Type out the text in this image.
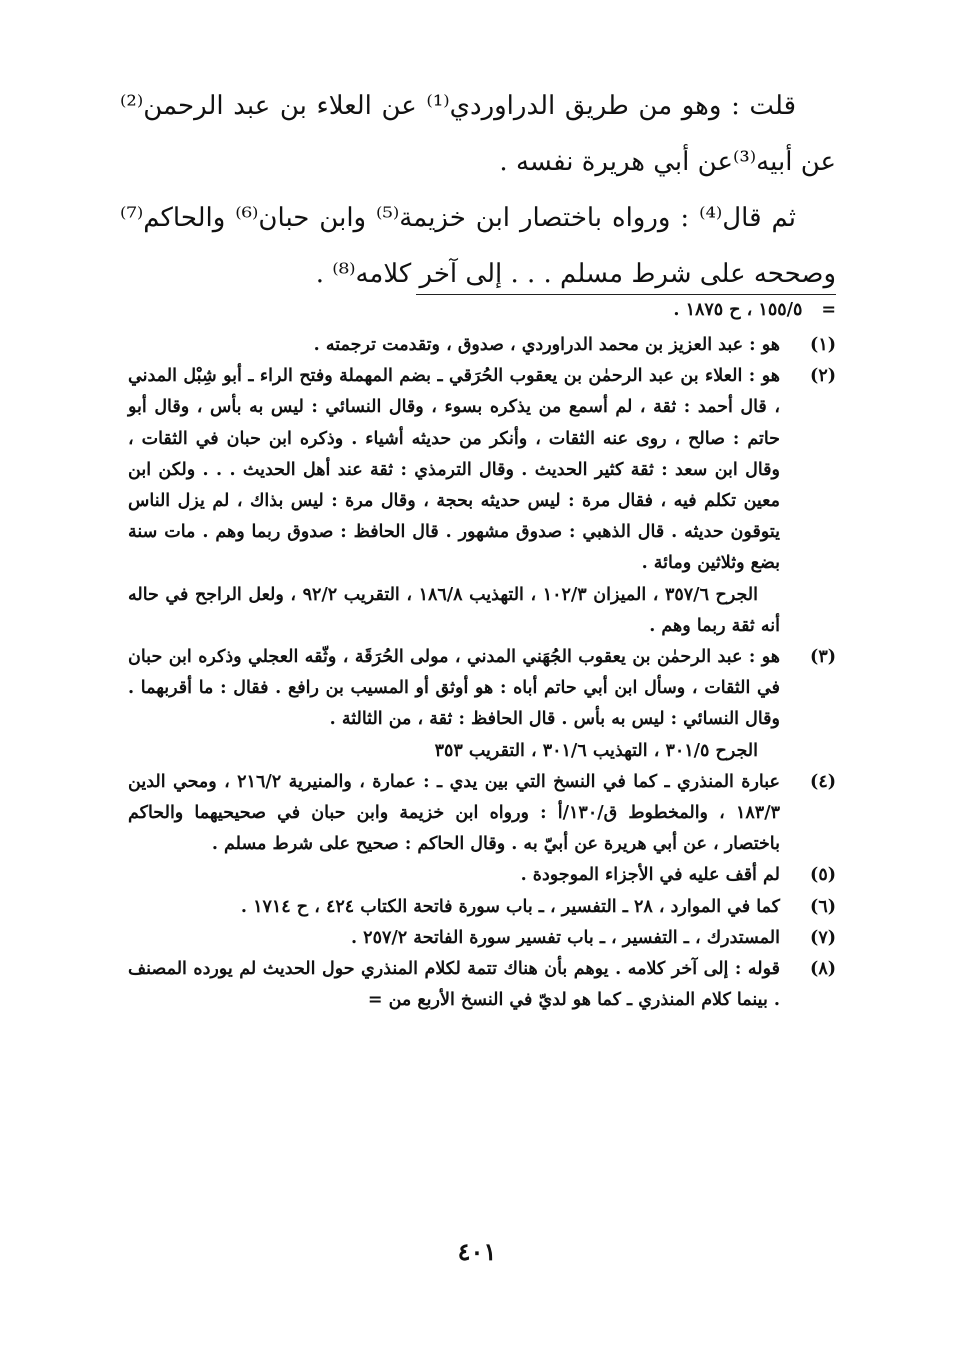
قلت : وهو من طريق الدراوردي⁽¹⁾ عن العلاء بن عبد الرحمن⁽²⁾عن أبيه⁽³⁾عن أبي هريرة نفسه .

ثم قال⁽⁴⁾ : ورواه باختصار ابن خزيمة⁽⁵⁾ وابن حبان⁽⁶⁾ والحاكم⁽⁷⁾ وصححه على شرط مسلم . . . إلى آخر كلامه⁽⁸⁾ .

= ١٥٥/٥ ، ح ١٨٧٥ .
(١)
هو : عبد العزيز بن محمد الدراوردي ، صدوق ، وتقدمت ترجمته .
(٢)
هو : العلاء بن عبد الرحمٰن بن يعقوب الحُرَقي ـ بضم المهملة وفتح الراء ـ أبو شِبْل المدني ، قال أحمد : ثقة ، لم أسمع من يذكره بسوء ، وقال النسائي : ليس به بأس ، وقال أبو حاتم : صالح ، روى عنه الثقات ، وأنكر من حديثه أشياء . وذكره ابن حبان في الثقات ، وقال ابن سعد : ثقة كثير الحديث . وقال الترمذي : ثقة عند أهل الحديث . . . ولكن ابن معين تكلم فيه ، فقال مرة : ليس حديثه بحجة ، وقال مرة : ليس بذاك ، لم يزل الناس يتوقون حديثه . قال الذهبي : صدوق مشهور . قال الحافظ : صدوق ربما وهم . مات سنة بضع وثلاثين ومائة .
الجرح ٣٥٧/٦ ، الميزان ١٠٢/٣ ، التهذيب ١٨٦/٨ ، التقريب ٩٢/٢ ، ولعل الراجح في حاله أنه ثقة ربما وهم .
(٣)
هو : عبد الرحمٰن بن يعقوب الجُهَني المدني ، مولى الحُرَقَة ، وثّقه العجلي وذكره ابن حبان في الثقات ، وسأل ابن أبي حاتم أباه : هو أوثق أو المسيب بن رافع . فقال : ما أقربهما . وقال النسائي : ليس به بأس . قال الحافظ : ثقة ، من الثالثة .
الجرح ٣٠١/٥ ، التهذيب ٣٠١/٦ ، التقريب ٣٥٣
(٤)
عبارة المنذري ـ كما في النسخ التي بين يدي ـ : عمارة ، والمنيرية ٢١٦/٢ ، ومحي الدين ١٨٣/٣ ، والمخطوط ق/١٣٠/أ : ورواه ابن خزيمة وابن حبان في صحيحيهما والحاكم باختصار ، عن أبي هريرة عن أبيّ به . وقال الحاكم : صحيح على شرط مسلم .
(٥)
لم أقف عليه في الأجزاء الموجودة .
(٦)
كما في الموارد ، ٢٨ ـ التفسير ، ـ باب سورة فاتحة الكتاب ٤٢٤ ، ح ١٧١٤ .
(٧)
المستدرك ، ـ التفسير ، ـ باب تفسير سورة الفاتحة ٢٥٧/٢ .
(٨)
قوله : إلى آخر كلامه . يوهم بأن هناك تتمة لكلام المنذري حول الحديث لم يورده المصنف . بينما كلام المنذري ـ كما هو لديّ في النسخ الأربع من =
٤٠١
